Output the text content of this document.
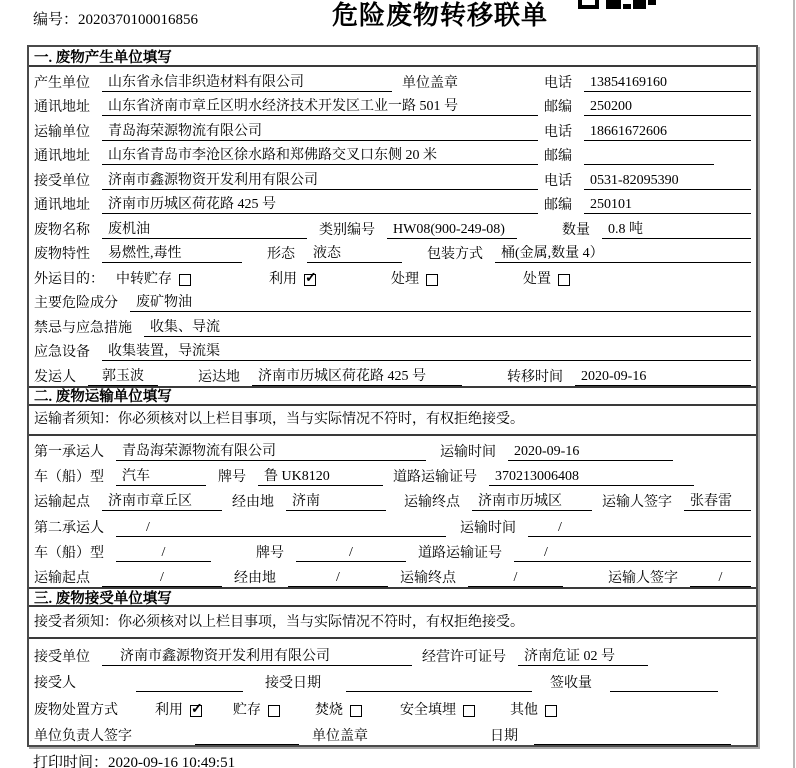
编号：2020370100016856	危险废物转移联单
一. 废物产生单位填写
产生单位	山东省永信非织造材料有限公司	单位盖章	电话	13854169160
通讯地址	山东省济南市章丘区明水经济技术开发区工业一路 501 号	邮编	250200
运输单位	青岛海荣源物流有限公司	电话	18661672606
通讯地址	山东省青岛市李沧区徐水路和郑佛路交叉口东侧 20 米	邮编
接受单位	济南市鑫源物资开发利用有限公司	电话	0531-82095390
通讯地址	济南市历城区荷花路 425 号	邮编	250101
废物名称	废机油	类别编号	HW08(900-249-08)	数量	0.8 吨
废物特性	易燃性,毒性	形态	液态	包装方式	桶(金属,数量 4）
外运目的： 中转贮存	利用 ✓	处理	处置
主要危险成分	废矿物油
禁忌与应急措施	收集、导流
应急设备	收集装置，导流渠
发运人	郭玉波	运达地	济南市历城区荷花路 425 号	转移时间	2020-09-16
二. 废物运输单位填写
运输者须知：你必须核对以上栏目事项，当与实际情况不符时，有权拒绝接受。
第一承运人	青岛海荣源物流有限公司	运输时间	2020-09-16
车（船）型	汽车	牌号	鲁 UK8120	道路运输证号	370213006408
运输起点	济南市章丘区	经由地	济南	运输终点	济南市历城区	运输人签字	张春雷
第二承运人	/	运输时间	/
车（船）型	/	牌号	/	道路运输证号	/
运输起点	/	经由地	/	运输终点	/	运输人签字	/
三. 废物接受单位填写
接受者须知：你必须核对以上栏目事项，当与实际情况不符时，有权拒绝接受。
接受单位	济南市鑫源物资开发利用有限公司	经营许可证号	济南危证 02 号
接受人	接受日期	签收量
废物处置方式	利用 ✓	贮存	焚烧	安全填埋	其他
单位负责人签字	单位盖章	日期
打印时间：2020-09-16 10:49:51
